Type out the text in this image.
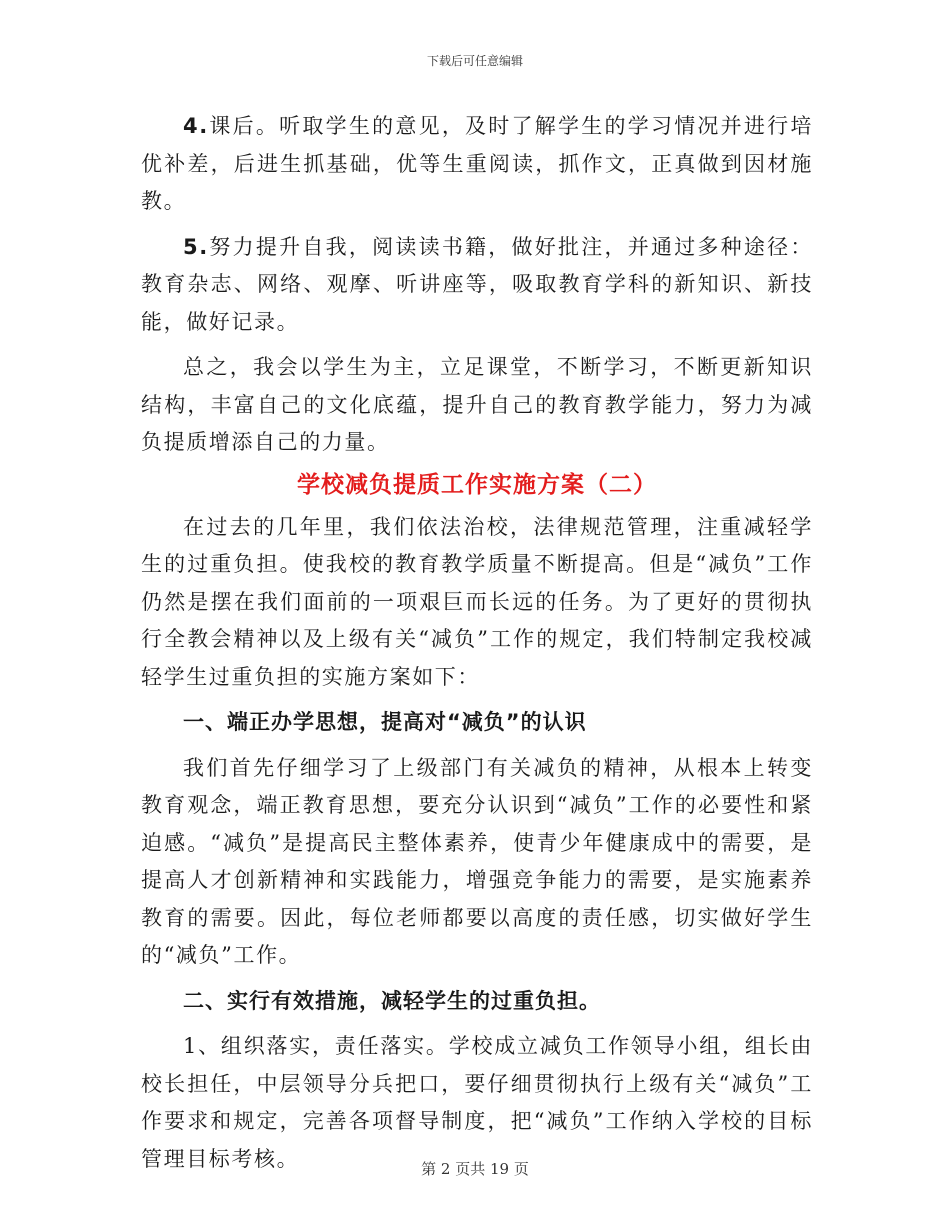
下载后可任意编辑

4.课后。听取学生的意见，及时了解学生的学习情况并进行培优补差，后进生抓基础，优等生重阅读，抓作文，正真做到因材施教。

5.努力提升自我，阅读读书籍，做好批注，并通过多种途径：教育杂志、网络、观摩、听讲座等，吸取教育学科的新知识、新技能，做好记录。

总之，我会以学生为主，立足课堂，不断学习，不断更新知识结构，丰富自己的文化底蕴，提升自己的教育教学能力，努力为减负提质增添自己的力量。

学校减负提质工作实施方案（二）

在过去的几年里，我们依法治校，法律规范管理，注重减轻学生的过重负担。使我校的教育教学质量不断提高。但是“减负”工作仍然是摆在我们面前的一项艰巨而长远的任务。为了更好的贯彻执行全教会精神以及上级有关“减负”工作的规定，我们特制定我校减轻学生过重负担的实施方案如下：

一、端正办学思想，提高对“减负”的认识

我们首先仔细学习了上级部门有关减负的精神，从根本上转变教育观念，端正教育思想，要充分认识到“减负”工作的必要性和紧迫感。“减负”是提高民主整体素养，使青少年健康成中的需要，是提高人才创新精神和实践能力，增强竞争能力的需要，是实施素养教育的需要。因此，每位老师都要以高度的责任感，切实做好学生的“减负”工作。

二、实行有效措施，减轻学生的过重负担。

1、组织落实，责任落实。学校成立减负工作领导小组，组长由校长担任，中层领导分兵把口，要仔细贯彻执行上级有关“减负”工作要求和规定，完善各项督导制度，把“减负”工作纳入学校的目标管理目标考核。	第 2 页共 19 页
